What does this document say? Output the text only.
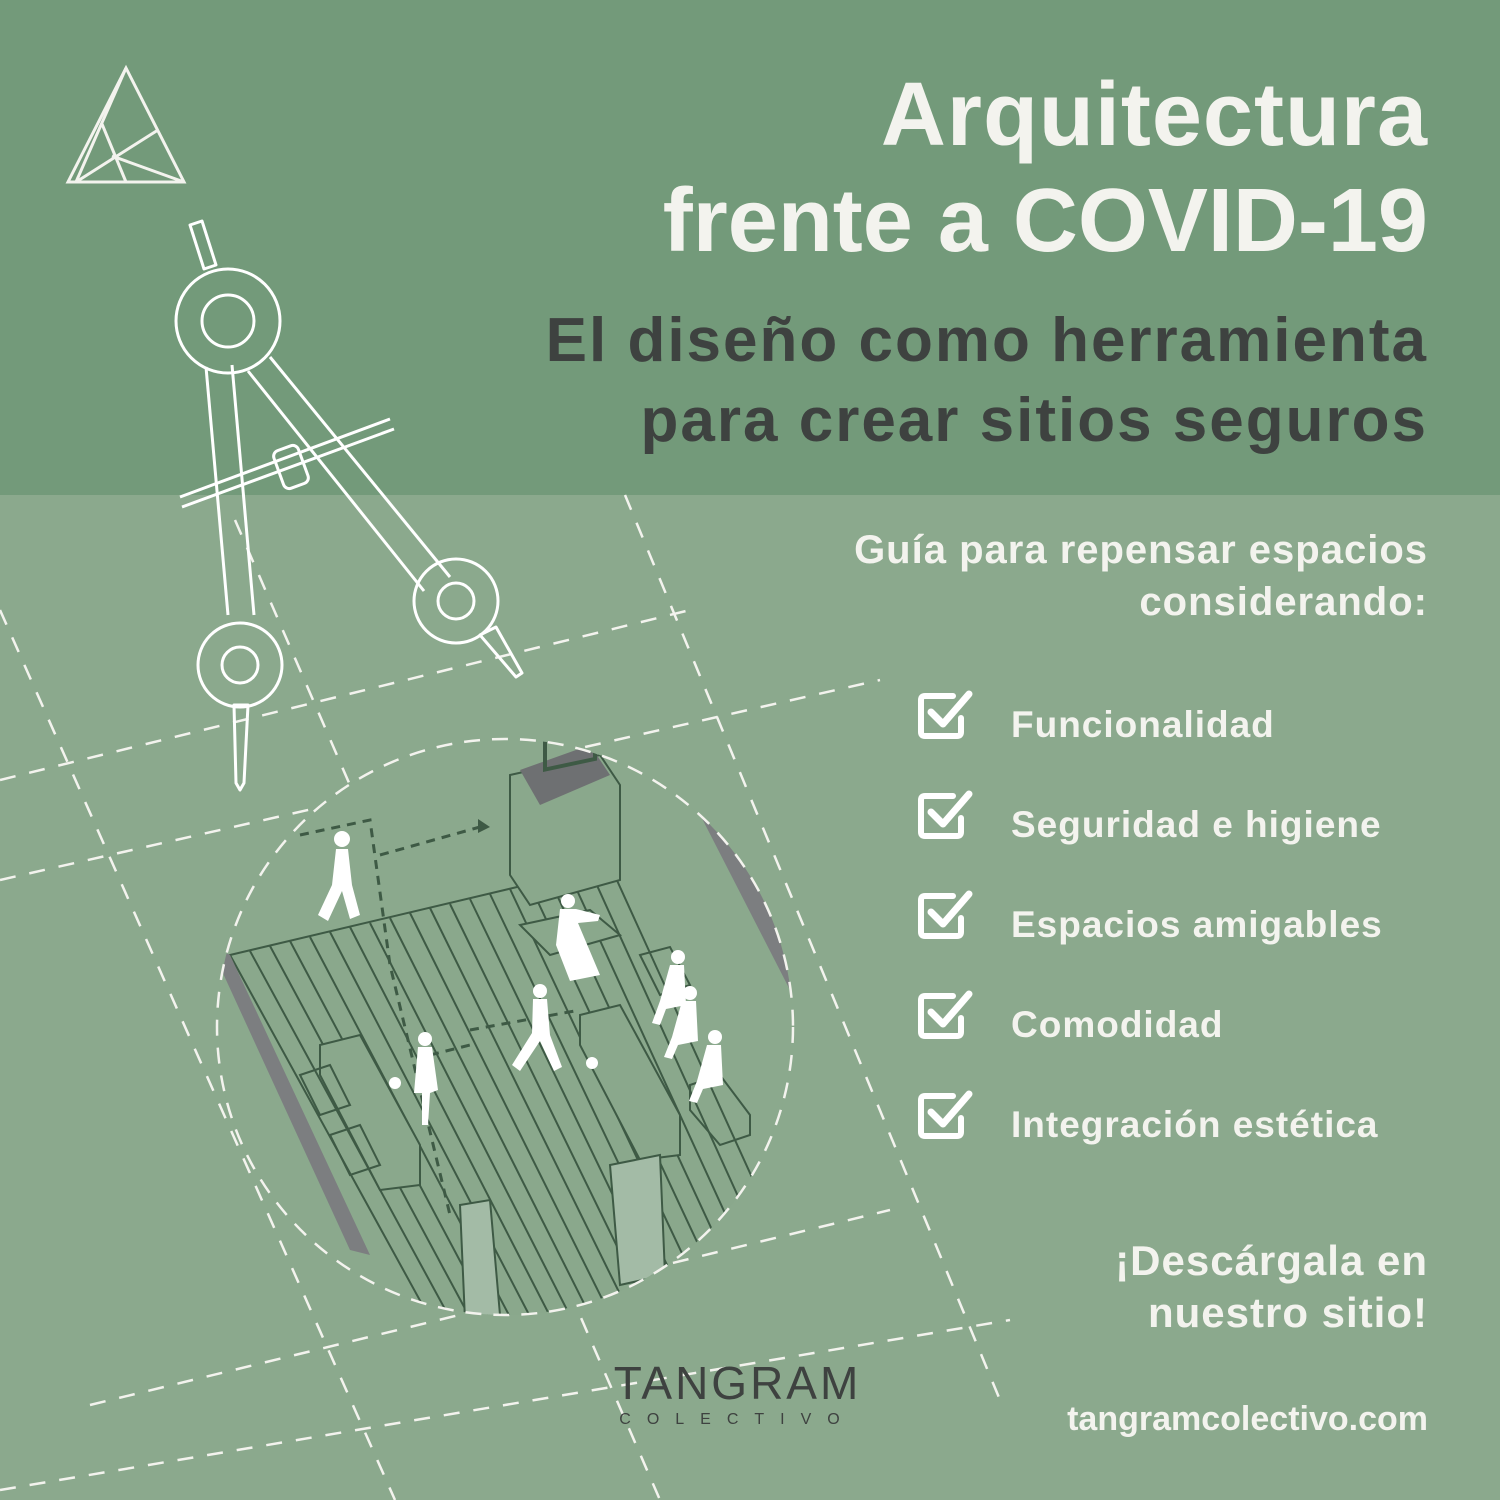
Arquitectura
frente a COVID-19
El diseño como herramienta
para crear sitios seguros
Guía para repensar espacios
considerando:
Funcionalidad
Seguridad e higiene
Espacios amigables
Comodidad
Integración estética
¡Descárgala en
nuestro sitio!
tangramcolectivo.com
TANGRAM
COLECTIVO
